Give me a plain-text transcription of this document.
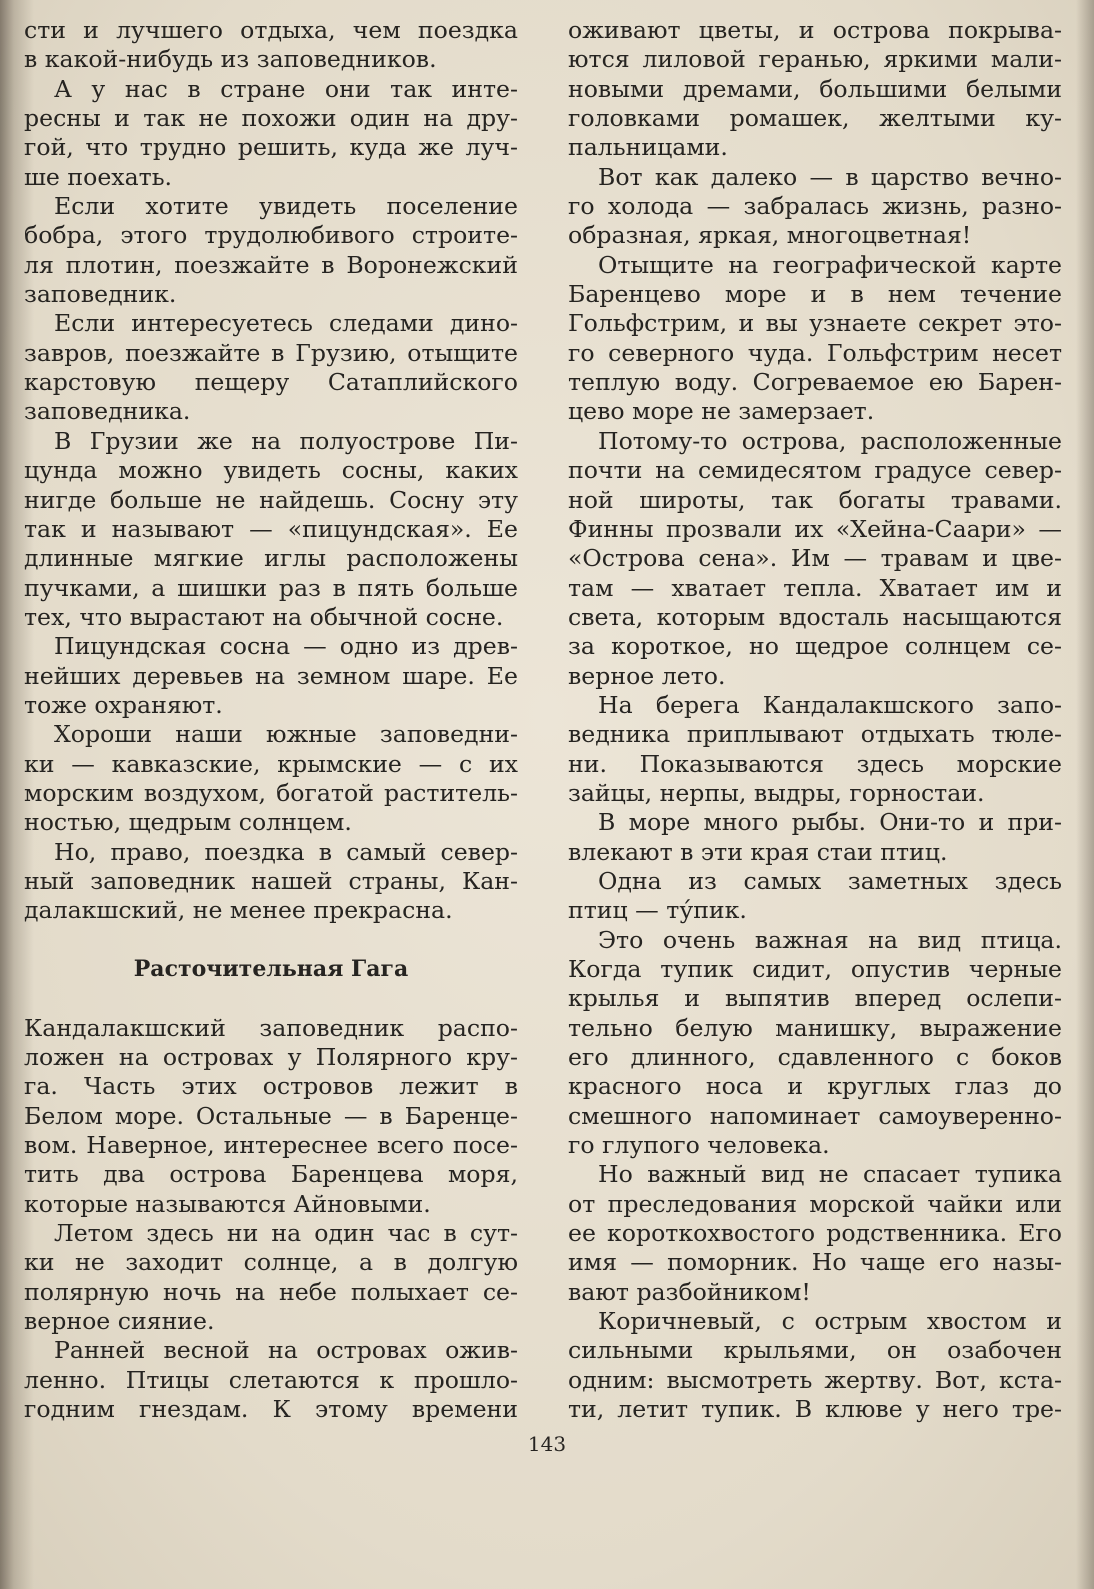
сти и лучшего отдыха, чем поездка
в какой-нибудь из заповедников.
А у нас в стране они так инте-
ресны и так не похожи один на дру-
гой, что трудно решить, куда же луч-
ше поехать.
Если хотите увидеть поселение
бобра, этого трудолюбивого строите-
ля плотин, поезжайте в Воронежский
заповедник.
Если интересуетесь следами дино-
завров, поезжайте в Грузию, отыщите
карстовую пещеру Сатаплийского
заповедника.
В Грузии же на полуострове Пи-
цунда можно увидеть сосны, каких
нигде больше не найдешь. Сосну эту
так и называют — «пицундская». Ее
длинные мягкие иглы расположены
пучками, а шишки раз в пять больше
тех, что вырастают на обычной сосне.
Пицундская сосна — одно из древ-
нейших деревьев на земном шаре. Ее
тоже охраняют.
Хороши наши южные заповедни-
ки — кавказские, крымские — с их
морским воздухом, богатой раститель-
ностью, щедрым солнцем.
Но, право, поездка в самый север-
ный заповедник нашей страны, Кан-
далакшский, не менее прекрасна.
Расточительная Гага
Кандалакшский заповедник распо-
ложен на островах у Полярного кру-
га. Часть этих островов лежит в
Белом море. Остальные — в Баренце-
вом. Наверное, интереснее всего посе-
тить два острова Баренцева моря,
которые называются Айновыми.
Летом здесь ни на один час в сут-
ки не заходит солнце, а в долгую
полярную ночь на небе полыхает се-
верное сияние.
Ранней весной на островах ожив-
ленно. Птицы слетаются к прошло-
годним гнездам. К этому времени
оживают цветы, и острова покрыва-
ются лиловой геранью, яркими мали-
новыми дремами, большими белыми
головками ромашек, желтыми ку-
пальницами.
Вот как далеко — в царство вечно-
го холода — забралась жизнь, разно-
образная, яркая, многоцветная!
Отыщите на географической карте
Баренцево море и в нем течение
Гольфстрим, и вы узнаете секрет это-
го северного чуда. Гольфстрим несет
теплую воду. Согреваемое ею Барен-
цево море не замерзает.
Потому-то острова, расположенные
почти на семидесятом градусе север-
ной широты, так богаты травами.
Финны прозвали их «Хейна-Саари» —
«Острова сена». Им — травам и цве-
там — хватает тепла. Хватает им и
света, которым вдосталь насыщаются
за короткое, но щедрое солнцем се-
верное лето.
На берега Кандалакшского запо-
ведника приплывают отдыхать тюле-
ни. Показываются здесь морские
зайцы, нерпы, выдры, горностаи.
В море много рыбы. Они-то и при-
влекают в эти края стаи птиц.
Одна из самых заметных здесь
птиц — ту́пик.
Это очень важная на вид птица.
Когда тупик сидит, опустив черные
крылья и выпятив вперед ослепи-
тельно белую манишку, выражение
его длинного, сдавленного с боков
красного носа и круглых глаз до
смешного напоминает самоуверенно-
го глупого человека.
Но важный вид не спасает тупика
от преследования морской чайки или
ее короткохвостого родственника. Его
имя — поморник. Но чаще его назы-
вают разбойником!
Коричневый, с острым хвостом и
сильными крыльями, он озабочен
одним: высмотреть жертву. Вот, кста-
ти, летит тупик. В клюве у него тре-
143
